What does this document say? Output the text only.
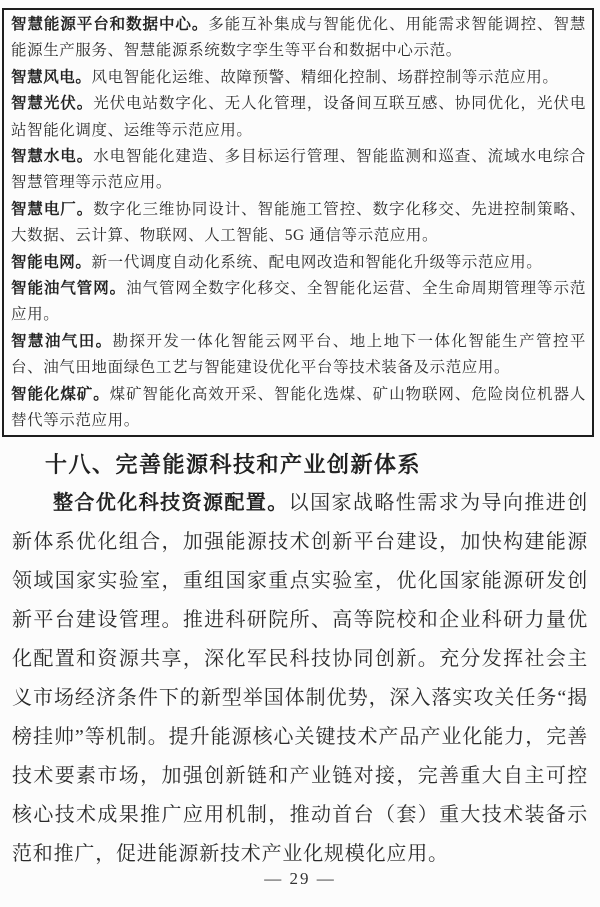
智慧能源平台和数据中心。多能互补集成与智能优化、用能需求智能调控、智慧能源生产服务、智慧能源系统数字孪生等平台和数据中心示范。

智慧风电。风电智能化运维、故障预警、精细化控制、场群控制等示范应用。

智慧光伏。光伏电站数字化、无人化管理，设备间互联互感、协同优化，光伏电站智能化调度、运维等示范应用。

智慧水电。水电智能化建造、多目标运行管理、智能监测和巡查、流域水电综合智慧管理等示范应用。

智慧电厂。数字化三维协同设计、智能施工管控、数字化移交、先进控制策略、大数据、云计算、物联网、人工智能、5G 通信等示范应用。

智能电网。新一代调度自动化系统、配电网改造和智能化升级等示范应用。

智能油气管网。油气管网全数字化移交、全智能化运营、全生命周期管理等示范应用。

智慧油气田。勘探开发一体化智能云网平台、地上地下一体化智能生产管控平台、油气田地面绿色工艺与智能建设优化平台等技术装备及示范应用。

智能化煤矿。煤矿智能化高效开采、智能化选煤、矿山物联网、危险岗位机器人替代等示范应用。

十八、完善能源科技和产业创新体系

整合优化科技资源配置。以国家战略性需求为导向推进创新体系优化组合，加强能源技术创新平台建设，加快构建能源领域国家实验室，重组国家重点实验室，优化国家能源研发创新平台建设管理。推进科研院所、高等院校和企业科研力量优化配置和资源共享，深化军民科技协同创新。充分发挥社会主义市场经济条件下的新型举国体制优势，深入落实攻关任务“揭榜挂帅”等机制。提升能源核心关键技术产品产业化能力，完善技术要素市场，加强创新链和产业链对接，完善重大自主可控核心技术成果推广应用机制，推动首台（套）重大技术装备示范和推广，促进能源新技术产业化规模化应用。

— 29 —
